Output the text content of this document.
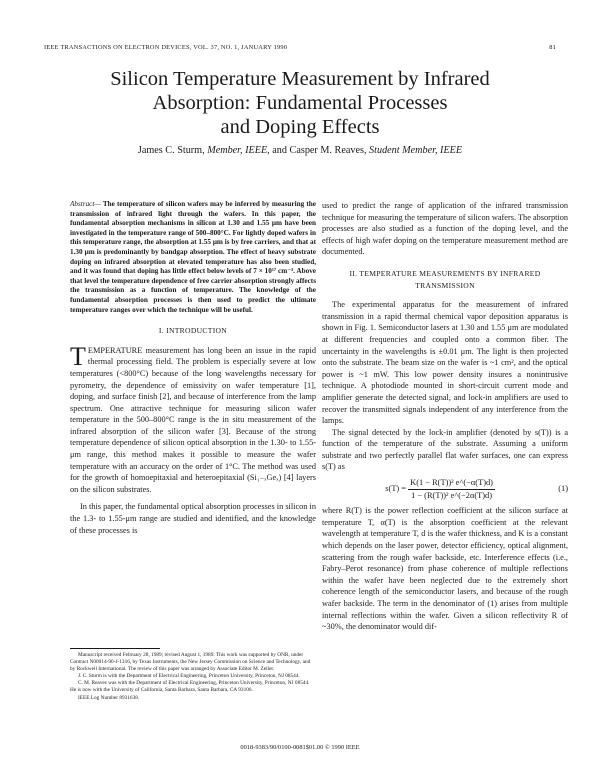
IEEE TRANSACTIONS ON ELECTRON DEVICES, VOL. 37, NO. 1, JANUARY 1990	81
Silicon Temperature Measurement by Infrared
Absorption: Fundamental Processes
and Doping Effects
James C. Sturm, Member, IEEE, and Casper M. Reaves, Student Member, IEEE
Abstract— The temperature of silicon wafers may be inferred by measuring the transmission of infrared light through the wafers. In this paper, the fundamental absorption mechanisms in silicon at 1.30 and 1.55 μm have been investigated in the temperature range of 500–800°C. For lightly doped wafers in this temperature range, the absorption at 1.55 μm is by free carriers, and that at 1.30 μm is predominantly by bandgap absorption. The effect of heavy substrate doping on infrared absorption at elevated temperature has also been studied, and it was found that doping has little effect below levels of 7 × 10¹⁷ cm⁻³. Above that level the temperature dependence of free carrier absorption strongly affects the transmission as a function of temperature. The knowledge of the fundamental absorption processes is then used to predict the ultimate temperature ranges over which the technique will be useful.
I. INTRODUCTION

T EMPERATURE measurement has long been an issue in the rapid thermal processing field. The problem is especially severe at low temperatures (<800°C) because of the long wavelengths necessary for pyrometry, the dependence of emissivity on wafer temperature [1], doping, and surface finish [2], and because of interference from the lamp spectrum. One attractive technique for measuring silicon wafer temperature in the 500–800°C range is the in situ measurement of the infrared absorption of the silicon wafer [3]. Because of the strong temperature dependence of silicon optical absorption in the 1.30- to 1.55-μm range, this method makes it possible to measure the wafer temperature with an accuracy on the order of 1°C. The method was used for the growth of homoepitaxial and heteroepitaxial (Si₁₋ₓGeₓ) [4] layers on the silicon substrates.

In this paper, the fundamental optical absorption processes in silicon in the 1.3- to 1.55-μm range are studied and identified, and the knowledge of these processes is

Manuscript received February 28, 1989; revised August 1, 1989. This work was supported by ONR, under Contract N00014-90-J-1316, by Texas Instruments, the New Jersey Commission on Science and Technology, and by Rockwell International. The review of this paper was arranged by Associate Editor M. Zeller.

J. C. Sturm is with the Department of Electrical Engineering, Princeton University, Princeton, NJ 08544.

C. M. Reaves was with the Department of Electrical Engineering, Princeton University, Princeton, NJ 08544. He is now with the University of California, Santa Barbara, Santa Barbara, CA 93106.

IEEE Log Number 8931638.

used to predict the range of application of the infrared transmission technique for measuring the temperature of silicon wafers. The absorption processes are also studied as a function of the doping level, and the effects of high wafer doping on the temperature measurement method are documented.

II. TEMPERATURE MEASUREMENTS BY INFRARED
TRANSMISSION

The experimental apparatus for the measurement of infrared transmission in a rapid thermal chemical vapor deposition apparatus is shown in Fig. 1. Semiconductor lasers at 1.30 and 1.55 μm are modulated at different frequencies and coupled onto a common fiber. The uncertainty in the wavelengths is ±0.01 μm. The light is then projected onto the substrate. The beam size on the wafer is ~1 cm², and the optical power is ~1 mW. This low power density insures a nonintrusive technique. A photodiode mounted in short-circuit current mode and amplifier generate the detected signal, and lock-in amplifiers are used to recover the transmitted signals independent of any interference from the lamps.

The signal detected by the lock-in amplifier (denoted by s(T)) is a function of the temperature of the substrate. Assuming a uniform substrate and two perfectly parallel flat wafer surfaces, one can express s(T) as

$s(T) = \frac{\text{K(1 − R(T))² e\textasciicircum{}(−α(T)d)}}{\text{1 − (R(T))² e\textasciicircum{}(−2α(T)d)}}$	(1)

where R(T) is the power reflection coefficient at the silicon surface at temperature T, α(T) is the absorption coefficient at the relevant wavelength at temperature T, d is the wafer thickness, and K is a constant which depends on the laser power, detector efficiency, optical alignment, scattering from the rough wafer backside, etc. Interference effects (i.e., Fabry–Perot resonance) from phase coherence of multiple reflections within the wafer have been neglected due to the extremely short coherence length of the semiconductor lasers, and because of the rough wafer backside. The term in the denominator of (1) arises from multiple internal reflections within the wafer. Given a silicon reflectivity R of ~30%, the denominator would dif-

0018-9383/90/0100-0081$01.00 © 1990 IEEE
